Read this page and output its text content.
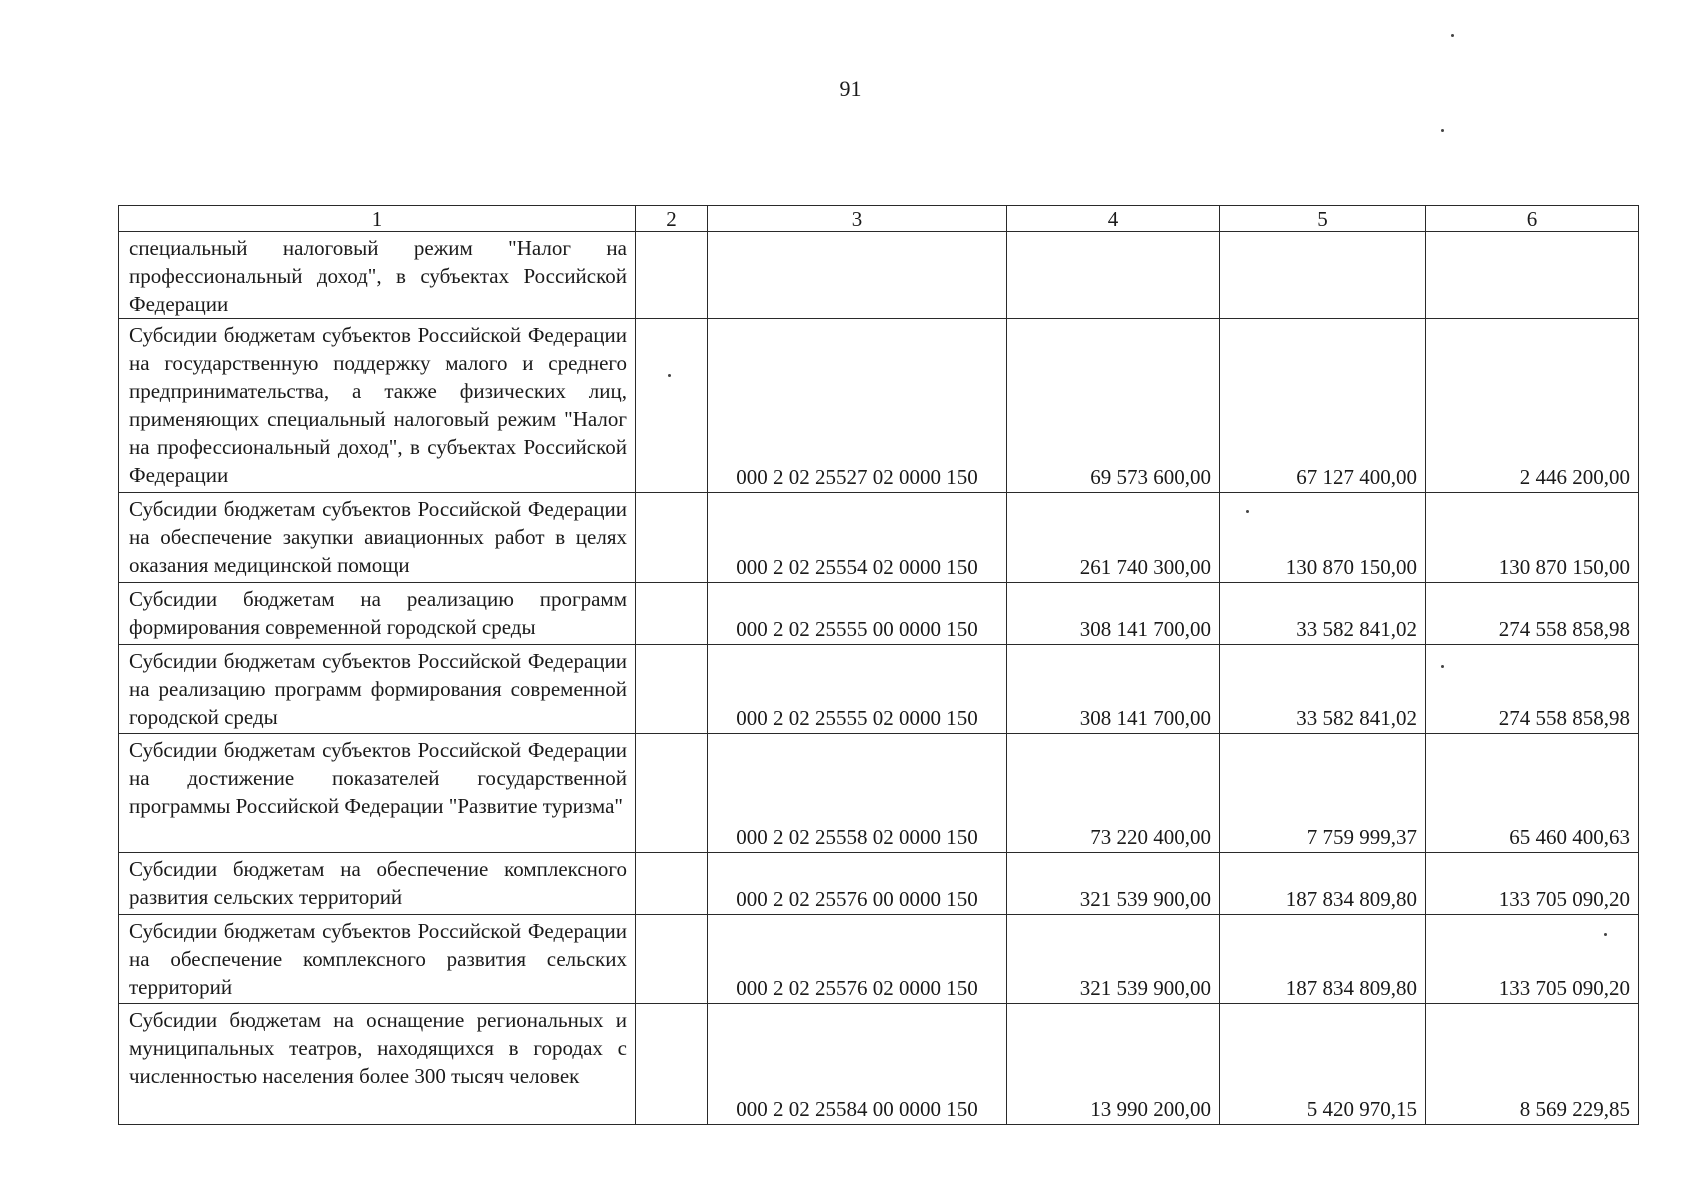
91
1	2	3	4	5	6
специальный налоговый режим "Налог на профессиональный доход", в субъектах Российской Федерации					
Субсидии бюджетам субъектов Российской Федерации на государственную поддержку малого и среднего предпринимательства, а также физических лиц, применяющих специальный налоговый режим "Налог на профессиональный доход", в субъектах Российской Федерации		000 2 02 25527 02 0000 150	69 573 600,00	67 127 400,00	2 446 200,00
Субсидии бюджетам субъектов Российской Федерации на обеспечение закупки авиационных работ в целях оказания медицинской помощи		000 2 02 25554 02 0000 150	261 740 300,00	130 870 150,00	130 870 150,00
Субсидии бюджетам на реализацию программ формирования современной городской среды		000 2 02 25555 00 0000 150	308 141 700,00	33 582 841,02	274 558 858,98
Субсидии бюджетам субъектов Российской Федерации на реализацию программ формирования современной городской среды		000 2 02 25555 02 0000 150	308 141 700,00	33 582 841,02	274 558 858,98
Субсидии бюджетам субъектов Российской Федерации на достижение показателей государственной программы Российской Федерации "Развитие туризма"		000 2 02 25558 02 0000 150	73 220 400,00	7 759 999,37	65 460 400,63
Субсидии бюджетам на обеспечение комплексного развития сельских территорий		000 2 02 25576 00 0000 150	321 539 900,00	187 834 809,80	133 705 090,20
Субсидии бюджетам субъектов Российской Федерации на обеспечение комплексного развития сельских территорий		000 2 02 25576 02 0000 150	321 539 900,00	187 834 809,80	133 705 090,20
Субсидии бюджетам на оснащение региональных и муниципальных театров, находящихся в городах с численностью населения более 300 тысяч человек		000 2 02 25584 00 0000 150	13 990 200,00	5 420 970,15	8 569 229,85
